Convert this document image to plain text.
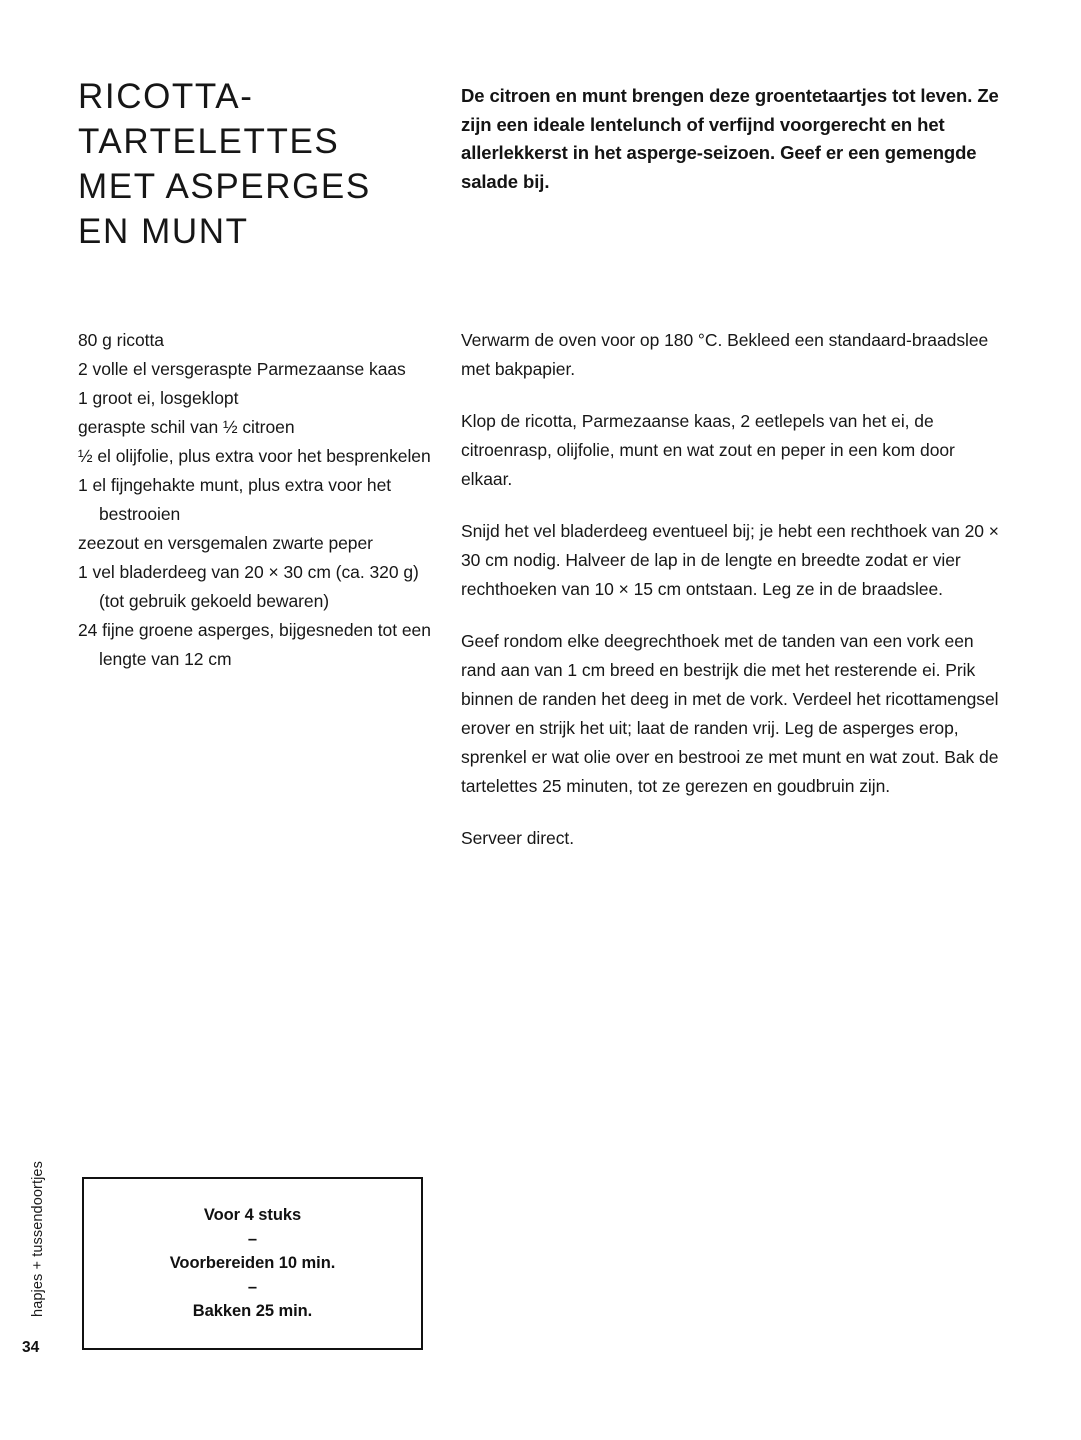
RICOTTA-
TARTELETTES
MET ASPERGES
EN MUNT

De citroen en munt brengen deze groentetaartjes tot leven. Ze zijn een ideale lentelunch of verfijnd voorgerecht en het allerlekkerst in het asperge-seizoen. Geef er een gemengde salade bij.

80 g ricotta
2 volle el versgeraspte Parmezaanse kaas
1 groot ei, losgeklopt
geraspte schil van ½ citroen
½ el olijfolie, plus extra voor het besprenkelen
1 el fijngehakte munt, plus extra voor het bestrooien
zeezout en versgemalen zwarte peper
1 vel bladerdeeg van 20 × 30 cm (ca. 320 g) (tot gebruik gekoeld bewaren)
24 fijne groene asperges, bijgesneden tot een lengte van 12 cm

Verwarm de oven voor op 180 °C. Bekleed een standaard-braadslee met bakpapier.

Klop de ricotta, Parmezaanse kaas, 2 eetlepels van het ei, de citroenrasp, olijfolie, munt en wat zout en peper in een kom door elkaar.

Snijd het vel bladerdeeg eventueel bij; je hebt een rechthoek van 20 × 30 cm nodig. Halveer de lap in de lengte en breedte zodat er vier rechthoeken van 10 × 15 cm ontstaan. Leg ze in de braadslee.

Geef rondom elke deegrechthoek met de tanden van een vork een rand aan van 1 cm breed en bestrijk die met het resterende ei. Prik binnen de randen het deeg in met de vork. Verdeel het ricottamengsel erover en strijk het uit; laat de randen vrij. Leg de asperges erop, sprenkel er wat olie over en bestrooi ze met munt en wat zout. Bak de tartelettes 25 minuten, tot ze gerezen en goudbruin zijn.

Serveer direct.

Voor 4 stuks
–
Voorbereiden 10 min.
–
Bakken 25 min.
hapjes + tussendoortjes
34
